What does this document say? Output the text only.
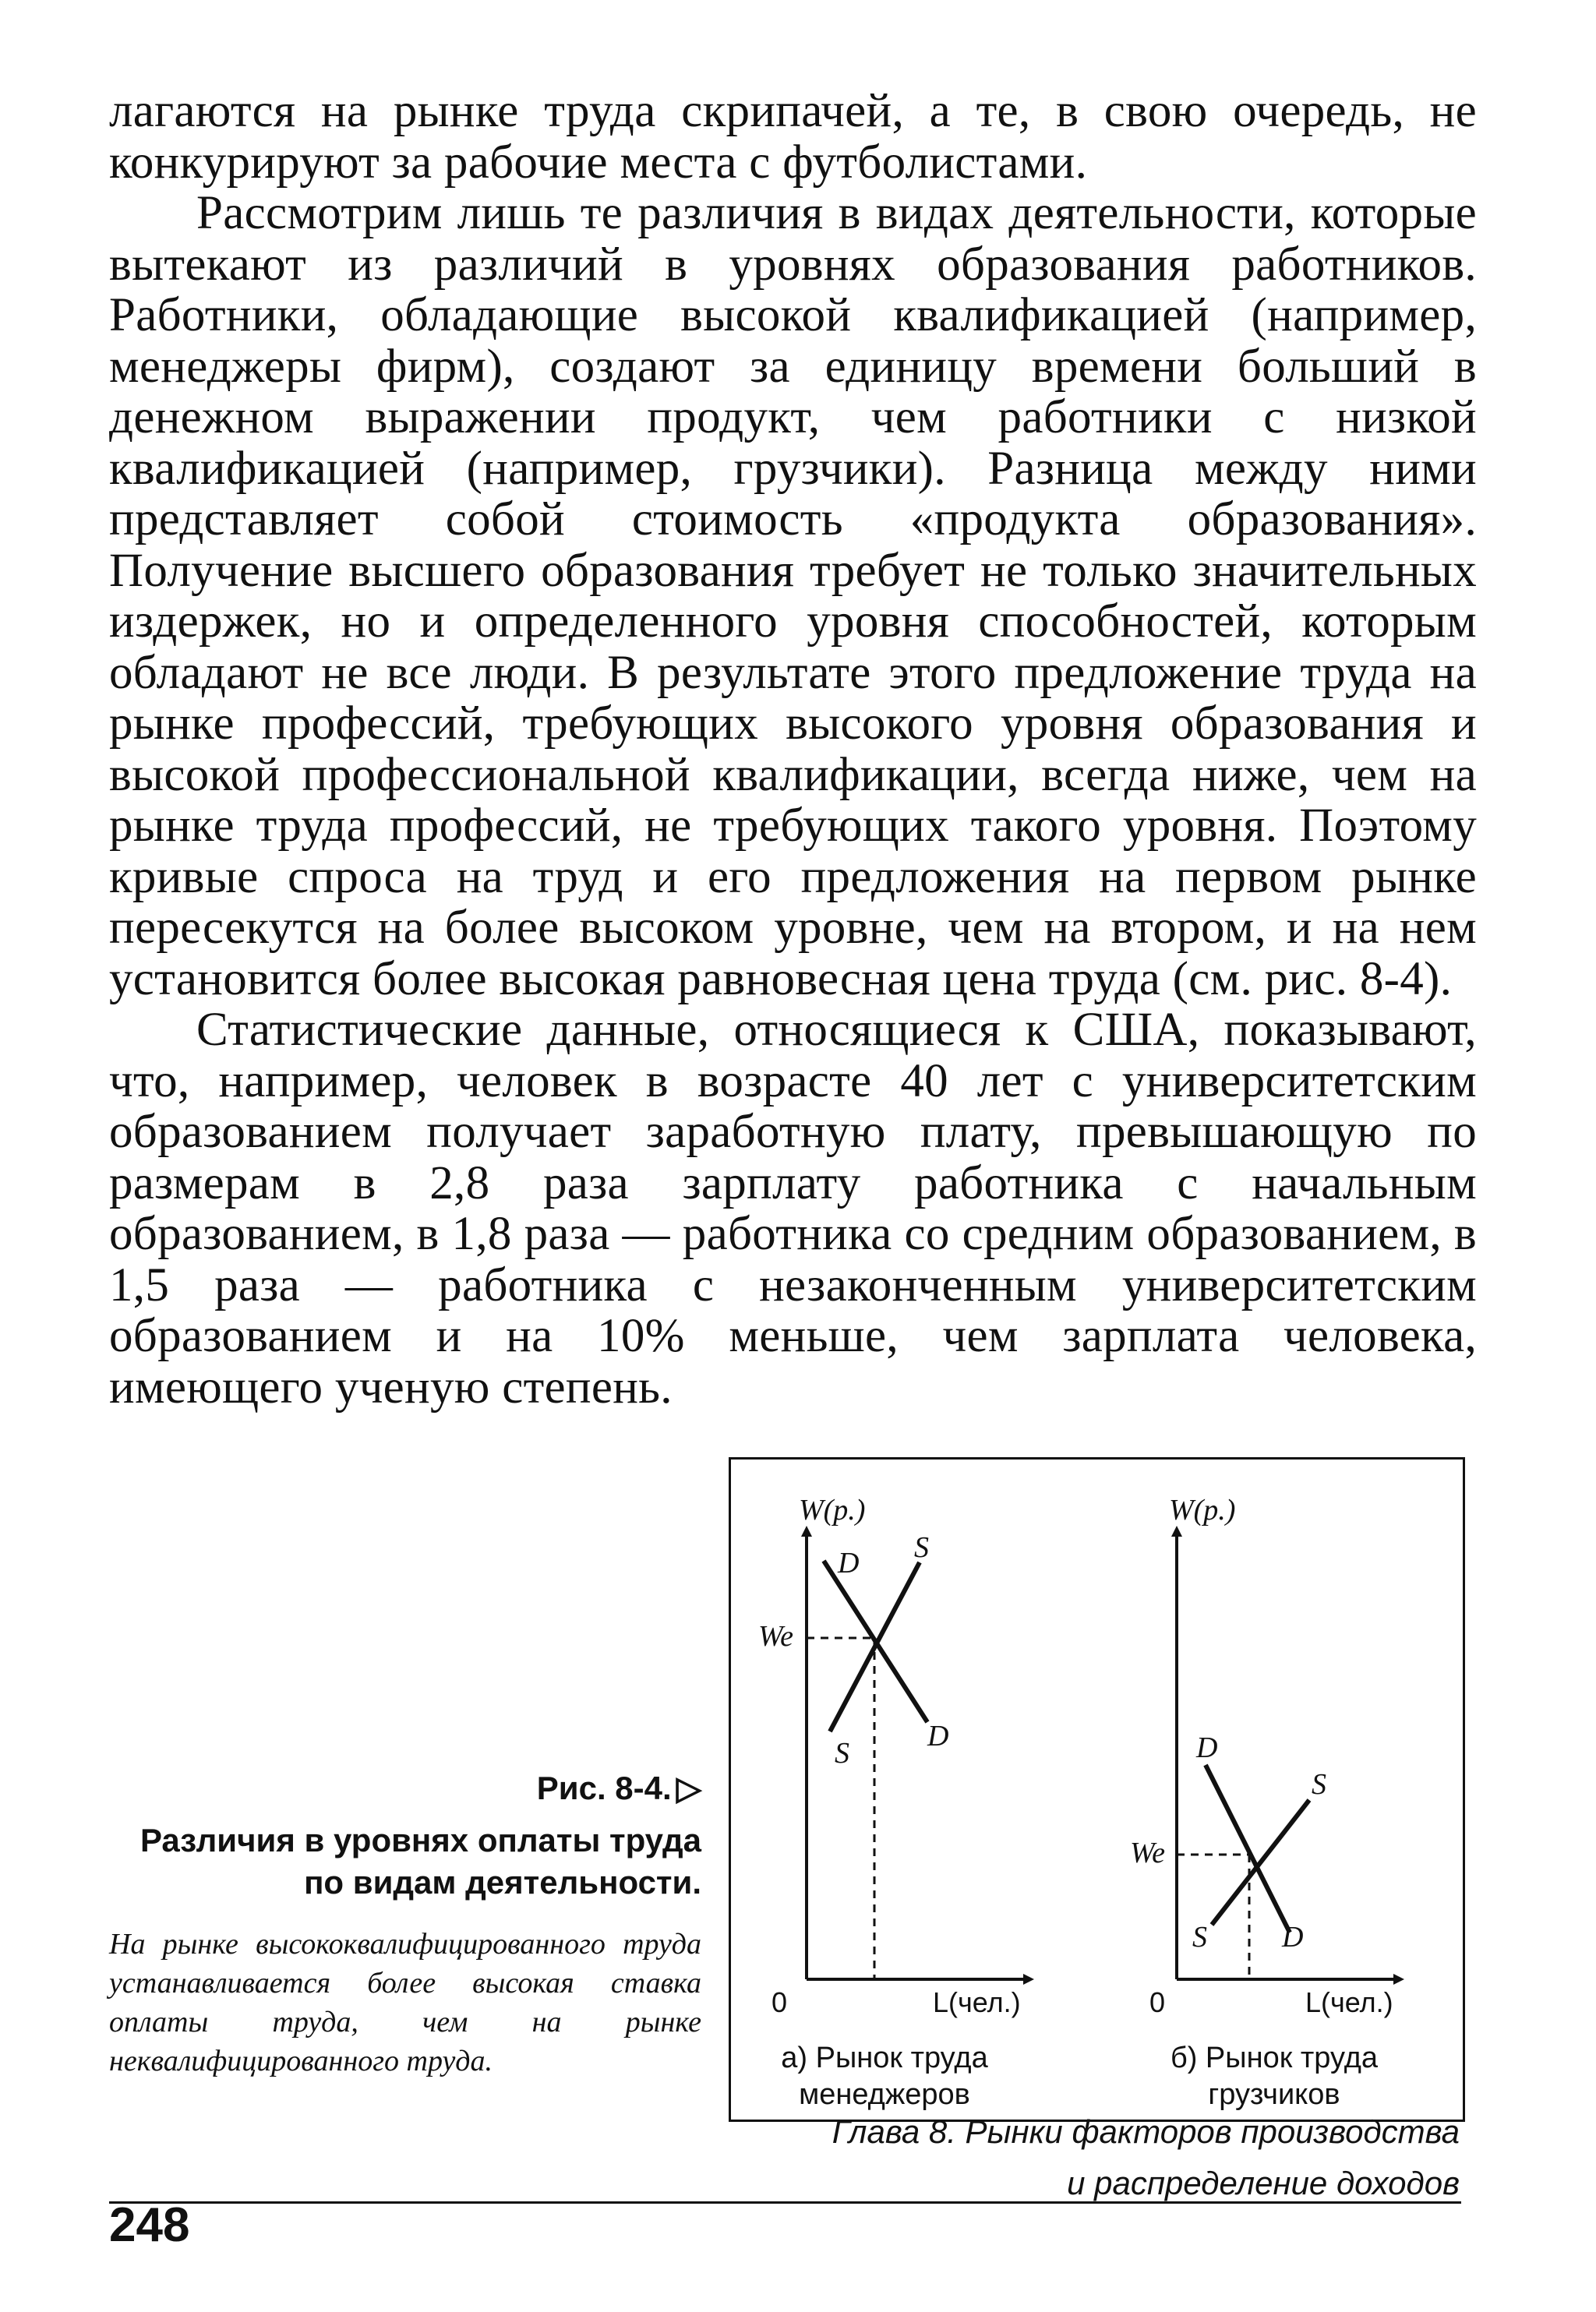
лагаются на рынке труда скрипачей, а те, в свою очередь, не конкурируют за рабочие места с футболистами.

Рассмотрим лишь те различия в видах деятельности, которые вытекают из различий в уровнях образования работников. Работники, обладающие высокой квалификацией (например, менеджеры фирм), создают за единицу времени больший в денежном выражении продукт, чем работники с низкой квалификацией (например, грузчики). Разница между ними представляет собой стоимость «продукта образования». Получение высшего образования требует не только значительных издержек, но и определенного уровня способностей, которым обладают не все люди. В результате этого предложение труда на рынке профессий, требующих высокого уровня образования и высокой профессиональной квалификации, всегда ниже, чем на рынке труда профессий, не требующих такого уровня. Поэтому кривые спроса на труд и его предложения на первом рынке пересекутся на более высоком уровне, чем на втором, и на нем установится более высокая равновесная цена труда (см. рис. 8-4).

Статистические данные, относящиеся к США, показывают, что, например, человек в возрасте 40 лет с университетским образованием получает заработную плату, превышающую по размерам в 2,8 раза зарплату работника с начальным образованием, в 1,8 раза — работника со средним образованием, в 1,5 раза — работника с незаконченным университетским образованием и на 10% меньше, чем зарплата человека, имеющего ученую степень.

Рис. 8-4. ▷
Различия в уровнях оплаты труда по видам деятельности.
На рынке высококвалифицированного труда устанавливается более высокая ставка оплаты труда, чем на рынке неквалифицированного труда.
W(р.)
D S
We
S
D
0	L(чел.)
а) Рынок труда
менеджеров
W(р.)
D
S
We
S	D
0	L(чел.)
б) Рынок труда
грузчиков
Глава 8. Рынки факторов производства
248
и распределение доходов
